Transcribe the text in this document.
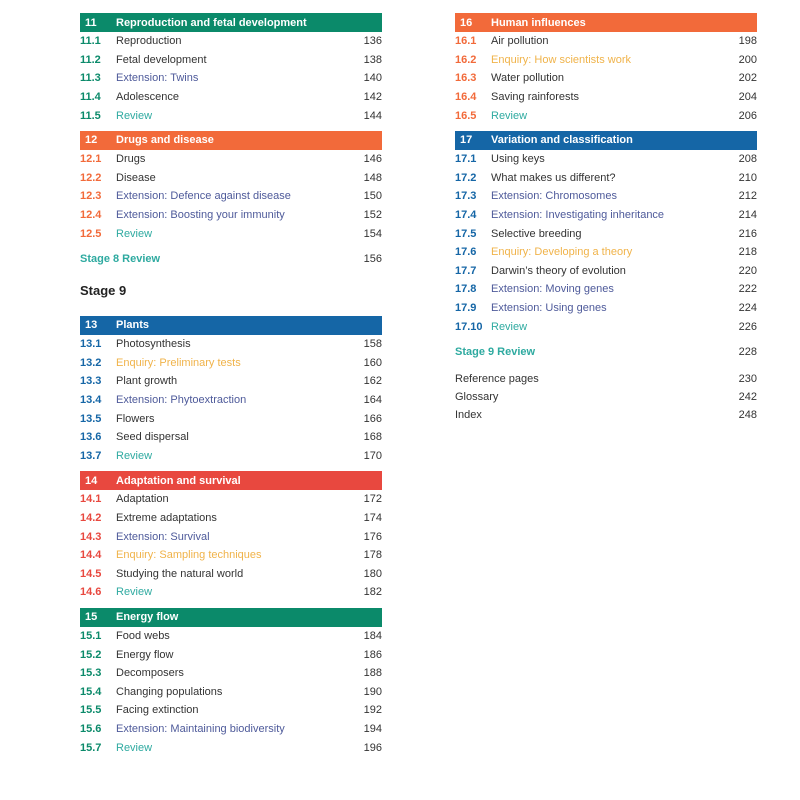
11	Reproduction and fetal development
11.1	Reproduction	136
11.2	Fetal development	138
11.3	Extension: Twins	140
11.4	Adolescence	142
11.5	Review	144
12	Drugs and disease
12.1	Drugs	146
12.2	Disease	148
12.3	Extension: Defence against disease	150
12.4	Extension: Boosting your immunity	152
12.5	Review	154
Stage 8 Review	156
Stage 9
13	Plants
13.1	Photosynthesis	158
13.2	Enquiry: Preliminary tests	160
13.3	Plant growth	162
13.4	Extension: Phytoextraction	164
13.5	Flowers	166
13.6	Seed dispersal	168
13.7	Review	170
14	Adaptation and survival
14.1	Adaptation	172
14.2	Extreme adaptations	174
14.3	Extension: Survival	176
14.4	Enquiry: Sampling techniques	178
14.5	Studying the natural world	180
14.6	Review	182
15	Energy flow
15.1	Food webs	184
15.2	Energy flow	186
15.3	Decomposers	188
15.4	Changing populations	190
15.5	Facing extinction	192
15.6	Extension: Maintaining biodiversity	194
15.7	Review	196
16	Human influences
16.1	Air pollution	198
16.2	Enquiry: How scientists work	200
16.3	Water pollution	202
16.4	Saving rainforests	204
16.5	Review	206
17	Variation and classification
17.1	Using keys	208
17.2	What makes us different?	210
17.3	Extension: Chromosomes	212
17.4	Extension: Investigating inheritance	214
17.5	Selective breeding	216
17.6	Enquiry: Developing a theory	218
17.7	Darwin’s theory of evolution	220
17.8	Extension: Moving genes	222
17.9	Extension: Using genes	224
17.10 Review	226
Stage 9 Review	228
Reference pages	230
Glossary	242
Index	248
